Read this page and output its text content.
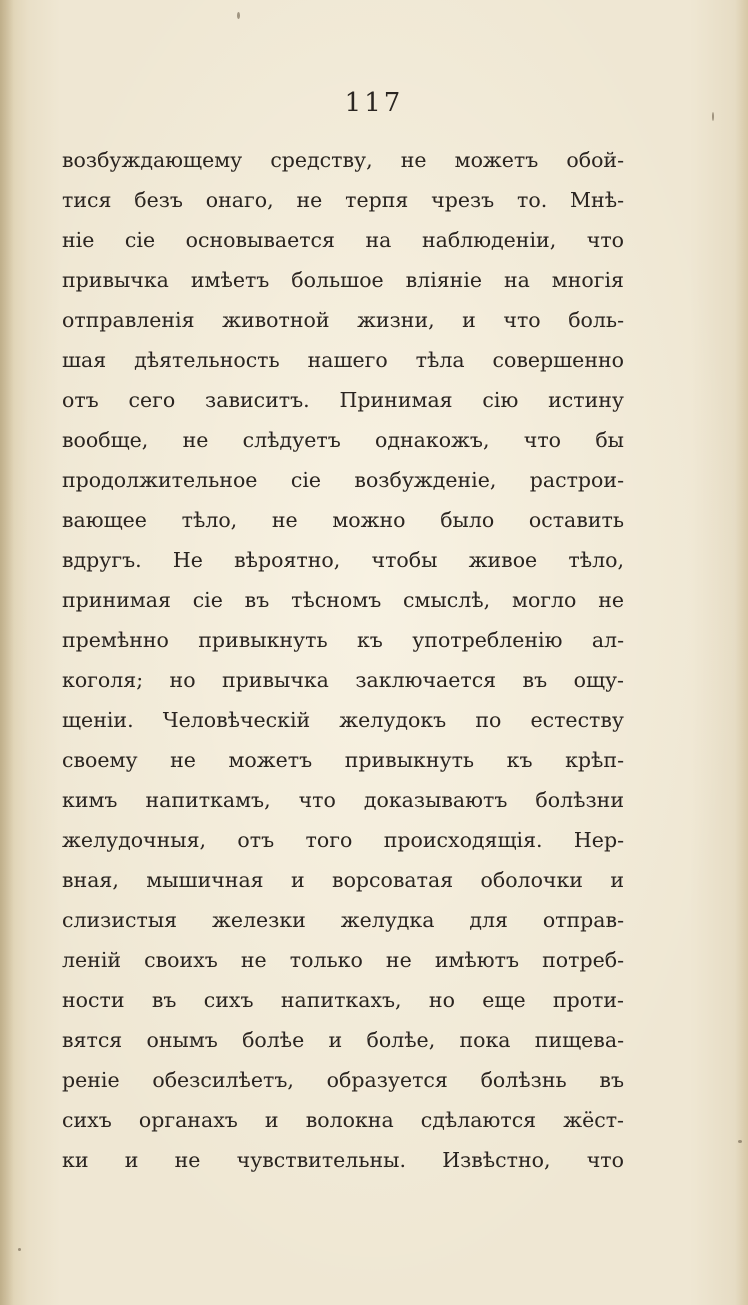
117
возбуждающему средству, не можетъ обой-
тися безъ онаго, не терпя чрезъ то. Мнѣ-
ніе сіе основывается на наблюденіи, что
привычка имѣетъ большое вліяніе на многія
отправленія животной жизни, и что боль-
шая дѣятельность нашего тѣла совершенно
отъ сего зависитъ. Принимая сію истину
вообще, не слѣдуетъ однакожъ, что бы
продолжительное сіе возбужденіе, растрои-
вающее тѣло, не можно было оставить
вдругъ. Не вѣроятно, чтобы живое тѣло,
принимая сіе въ тѣсномъ смыслѣ, могло не
премѣнно привыкнуть къ употребленію ал-
коголя; но привычка заключается въ ощу-
щеніи. Человѣческій желудокъ по естеству
своему не можетъ привыкнуть къ крѣп-
кимъ напиткамъ, что доказываютъ болѣзни
желудочныя, отъ того происходящія. Нер-
вная, мышичная и ворсоватая оболочки и
слизистыя железки желудка для отправ-
леній своихъ не только не имѣютъ потреб-
ности въ сихъ напиткахъ, но еще проти-
вятся онымъ болѣе и болѣе, пока пищева-
реніе обезсилѣетъ, образуется болѣзнь въ
сихъ органахъ и волокна сдѣлаются жёст-
ки и не чувствительны. Извѣстно, что
